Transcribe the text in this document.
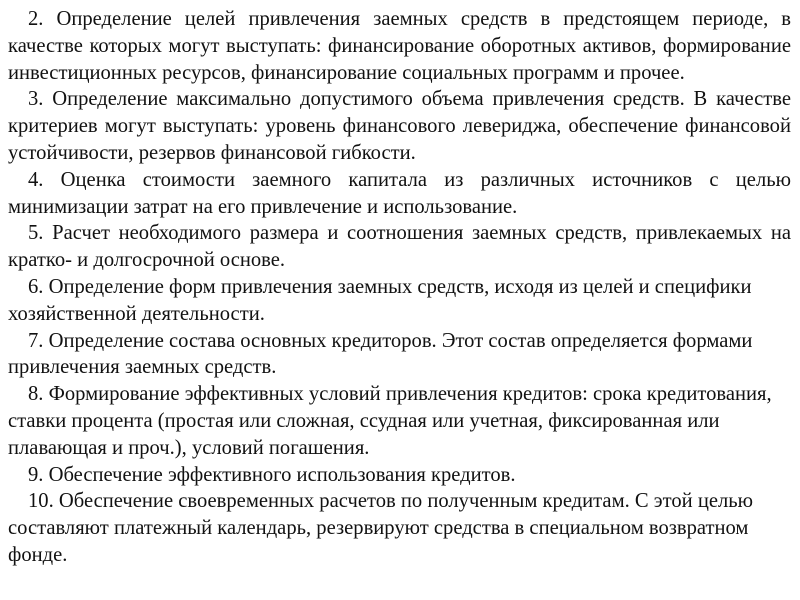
2. Определение целей привлечения заемных средств в предстоящем периоде, в качестве которых могут выступать: финансирование оборотных активов, формирование инвестиционных ресурсов, финансирование социальных программ и прочее.

3. Определение максимально допустимого объема привлечения средств. В качестве критериев могут выступать: уровень финансового левериджа, обеспечение финансовой устойчивости, резервов финансовой гибкости.

4. Оценка стоимости заемного капитала из различных источников с целью минимизации затрат на его привлечение и использование.

5. Расчет необходимого размера и соотношения заемных средств, привлекаемых на кратко- и долгосрочной основе.

6. Определение форм привлечения заемных средств, исходя из целей и специфики хозяйственной деятельности.

7. Определение состава основных кредиторов. Этот состав определяется формами привлечения заемных средств.

8. Формирование эффективных условий привлечения кредитов: срока кредитования, ставки процента (простая или сложная, ссудная или учетная, фиксированная или плавающая и проч.), условий погашения.

9. Обеспечение эффективного использования кредитов.

10. Обеспечение своевременных расчетов по полученным кредитам. С этой целью составляют платежный календарь, резервируют средства в специальном возвратном фонде.
